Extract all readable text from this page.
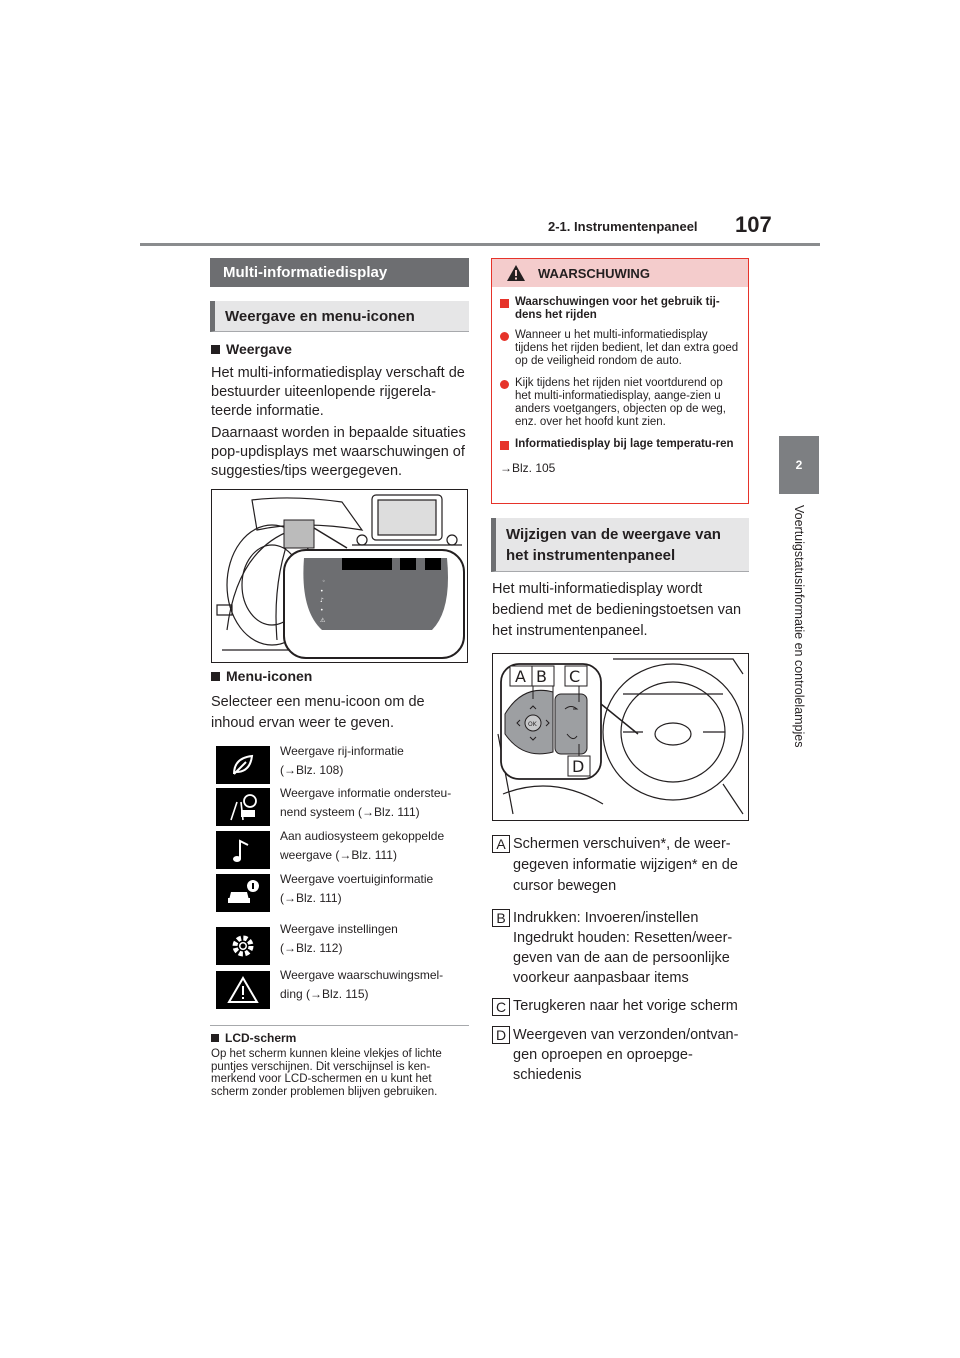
2-1. Instrumentenpaneel 107
2
Voertuigstatusinformatie en controlelampjes
Multi-informatiedisplay
Weergave en menu-iconen
Weergave
Het multi-informatiedisplay verschaft de bestuurder uiteenlopende rijgerela-teerde informatie.
Daarnaast worden in bepaalde situaties pop-updisplays met waarschuwingen of suggesties/tips weergegeven.
◦
•
♪
•
⚠
Menu-iconen
Selecteer een menu-icoon om de inhoud ervan weer te geven.
Weergave rij-informatie
(→Blz. 108)
Weergave informatie ondersteu-
nend systeem (→Blz. 111)
Aan audiosysteem gekoppelde
weergave (→Blz. 111)
Weergave voertuiginformatie
(→Blz. 111)
Weergave instellingen
(→Blz. 112)
Weergave waarschuwingsmel-
ding (→Blz. 115)
LCD-scherm
Op het scherm kunnen kleine vlekjes of lichte puntjes verschijnen. Dit verschijnsel is ken-merkend voor LCD-schermen en u kunt het scherm zonder problemen blijven gebruiken.
WAARSCHUWING
Waarschuwingen voor het gebruik tij-dens het rijden
Wanneer u het multi-informatiedisplay tijdens het rijden bedient, let dan extra goed op de veiligheid rondom de auto.
Kijk tijdens het rijden niet voortdurend op het multi-informatiedisplay, aange-zien u anders voetgangers, objecten op de weg, enz. over het hoofd kunt zien.
Informatiedisplay bij lage temperatu-ren
→Blz. 105
Wijzigen van de weergave van
het instrumentenpaneel
Het multi-informatiedisplay wordt bediend met de bedieningstoetsen van het instrumentenpaneel.
OK
A B C
D
A Schermen verschuiven*, de weer-gegeven informatie wijzigen* en de cursor bewegen
B Indrukken: Invoeren/instellen Ingedrukt houden: Resetten/weer-geven van de aan de persoonlijke voorkeur aanpasbaar items
C Terugkeren naar het vorige scherm
D Weergeven van verzonden/ontvan-gen oproepen en oproepge-schiedenis
